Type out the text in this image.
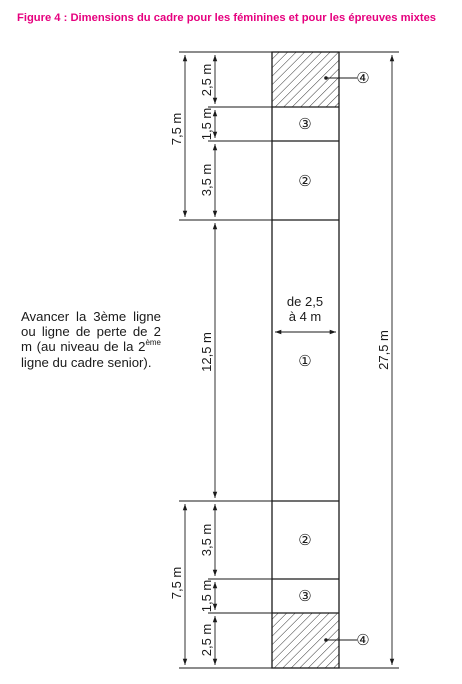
Figure 4 : Dimensions du cadre pour les féminines et pour les épreuves mixtes
Avancer la 3ème ligne ou ligne de perte de 2 m (au niveau de la 2ème ligne du cadre senior).
2,5 m
1,5 m
3,5 m
7,5 m
12,5 m
3,5 m
1,5 m
2,5 m
7,5 m
27,5 m
de 2,5
à 4 m
③
②
①
②
③
④
④
